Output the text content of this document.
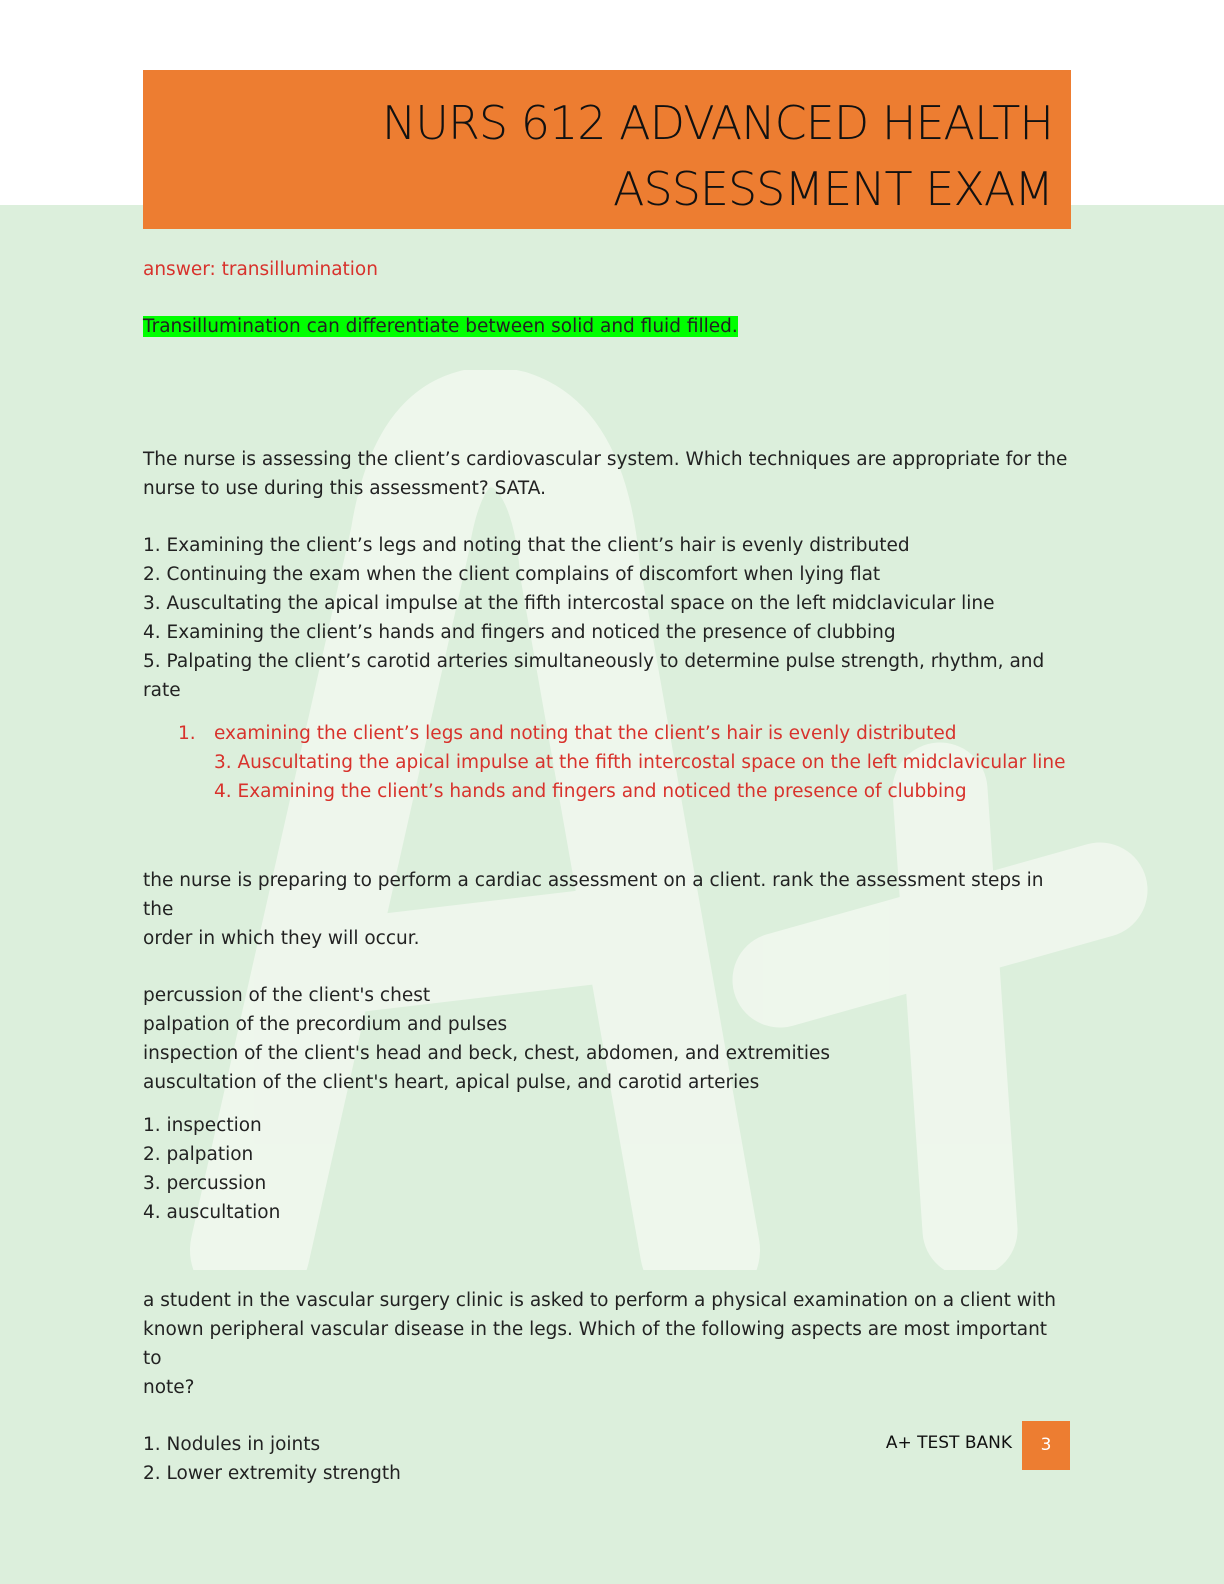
NURS 612 ADVANCED HEALTH
ASSESSMENT EXAM

answer: transillumination

Transillumination can differentiate between solid and fluid filled.

The nurse is assessing the client’s cardiovascular system. Which techniques are appropriate for the

nurse to use during this assessment? SATA.

1. Examining the client’s legs and noting that the client’s hair is evenly distributed

2. Continuing the exam when the client complains of discomfort when lying flat

3. Auscultating the apical impulse at the fifth intercostal space on the left midclavicular line

4. Examining the client’s hands and fingers and noticed the presence of clubbing

5. Palpating the client’s carotid arteries simultaneously to determine pulse strength, rhythm, and rate

1. examining the client’s legs and noting that the client’s hair is evenly distributed
3. Auscultating the apical impulse at the fifth intercostal space on the left midclavicular line
4. Examining the client’s hands and fingers and noticed the presence of clubbing

the nurse is preparing to perform a cardiac assessment on a client. rank the assessment steps in the

order in which they will occur.

percussion of the client's chest

palpation of the precordium and pulses

inspection of the client's head and beck, chest, abdomen, and extremities

auscultation of the client's heart, apical pulse, and carotid arteries

1. inspection

2. palpation

3. percussion

4. auscultation

a student in the vascular surgery clinic is asked to perform a physical examination on a client with

known peripheral vascular disease in the legs. Which of the following aspects are most important to

note?

1. Nodules in joints

2. Lower extremity strength

A+ TEST BANK	3
